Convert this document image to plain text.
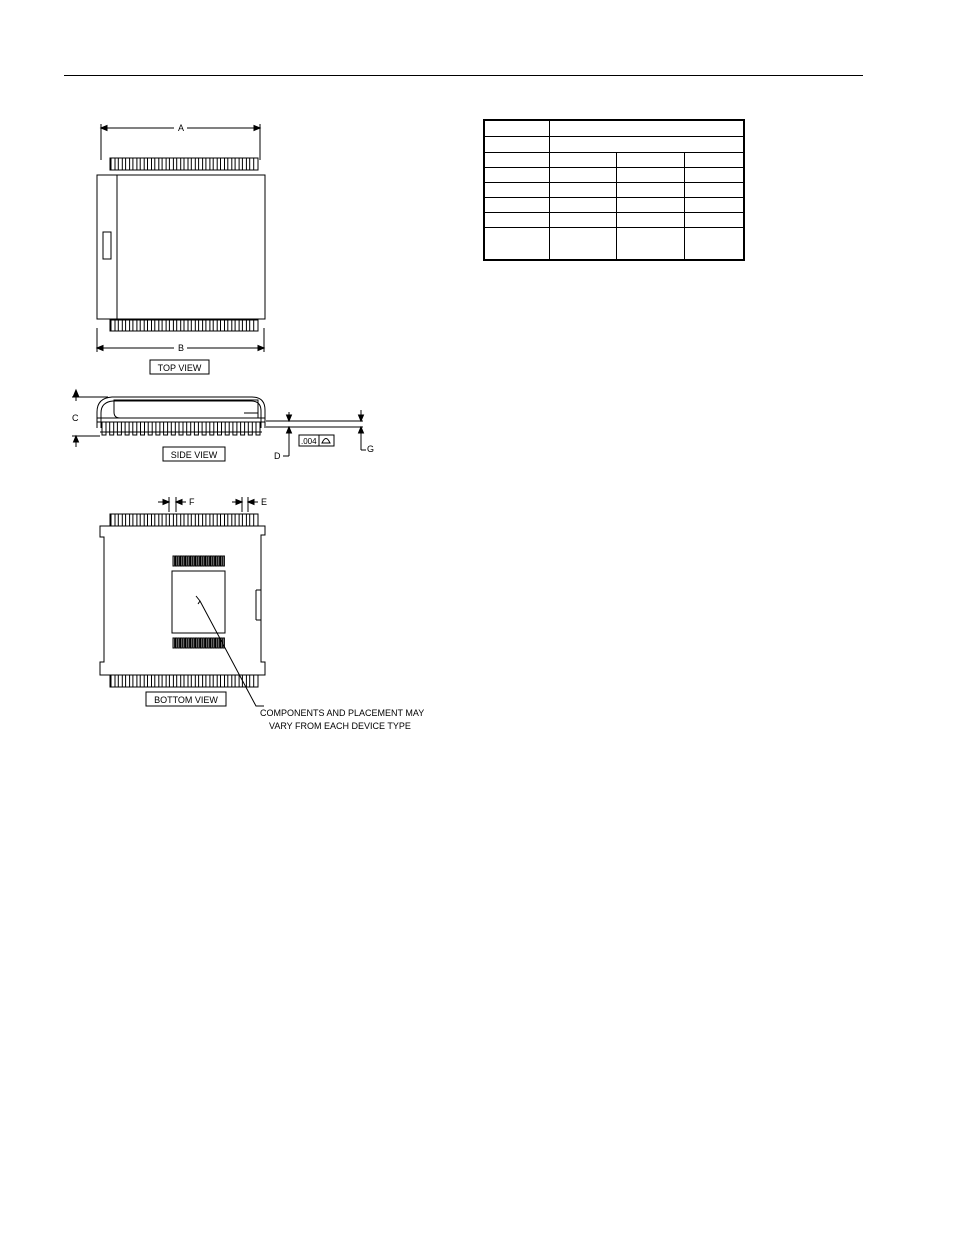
A
B
TOP VIEW
C
D
.004
G
SIDE VIEW
F	E
BOTTOM VIEW
COMPONENTS AND PLACEMENT MAY
VARY FROM EACH DEVICE TYPE
